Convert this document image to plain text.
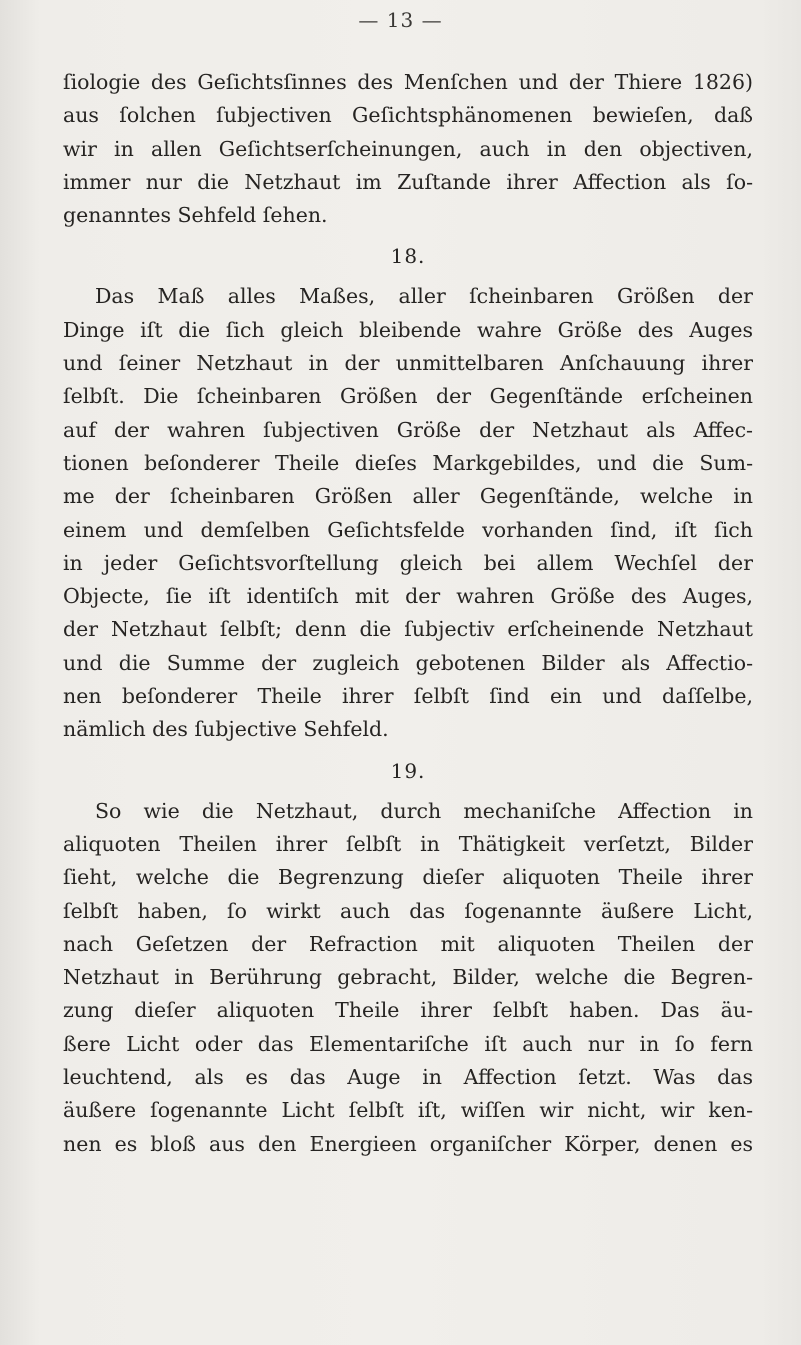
— 13 —
ſiologie des Geſichtsſinnes des Menſchen und der Thiere 1826)
aus ſolchen ſubjectiven Geſichtsphänomenen bewieſen, daß
wir in allen Geſichtserſcheinungen, auch in den objectiven,
immer nur die Netzhaut im Zuſtande ihrer Affection als ſo-
genanntes Sehfeld ſehen.
18.
Das Maß alles Maßes, aller ſcheinbaren Größen der
Dinge iſt die ſich gleich bleibende wahre Größe des Auges
und ſeiner Netzhaut in der unmittelbaren Anſchauung ihrer
ſelbſt. Die ſcheinbaren Größen der Gegenſtände erſcheinen
auf der wahren ſubjectiven Größe der Netzhaut als Affec-
tionen beſonderer Theile dieſes Markgebildes, und die Sum-
me der ſcheinbaren Größen aller Gegenſtände, welche in
einem und demſelben Geſichtsfelde vorhanden ſind, iſt ſich
in jeder Geſichtsvorſtellung gleich bei allem Wechſel der
Objecte, ſie iſt identiſch mit der wahren Größe des Auges,
der Netzhaut ſelbſt; denn die ſubjectiv erſcheinende Netzhaut
und die Summe der zugleich gebotenen Bilder als Affectio-
nen beſonderer Theile ihrer ſelbſt ſind ein und daſſelbe,
nämlich des ſubjective Sehfeld.
19.
So wie die Netzhaut, durch mechaniſche Affection in
aliquoten Theilen ihrer ſelbſt in Thätigkeit verſetzt, Bilder
ſieht, welche die Begrenzung dieſer aliquoten Theile ihrer
ſelbſt haben, ſo wirkt auch das ſogenannte äußere Licht,
nach Geſetzen der Refraction mit aliquoten Theilen der
Netzhaut in Berührung gebracht, Bilder, welche die Begren-
zung dieſer aliquoten Theile ihrer ſelbſt haben. Das äu-
ßere Licht oder das Elementariſche iſt auch nur in ſo fern
leuchtend, als es das Auge in Affection ſetzt. Was das
äußere ſogenannte Licht ſelbſt iſt, wiſſen wir nicht, wir ken-
nen es bloß aus den Energieen organiſcher Körper, denen es
